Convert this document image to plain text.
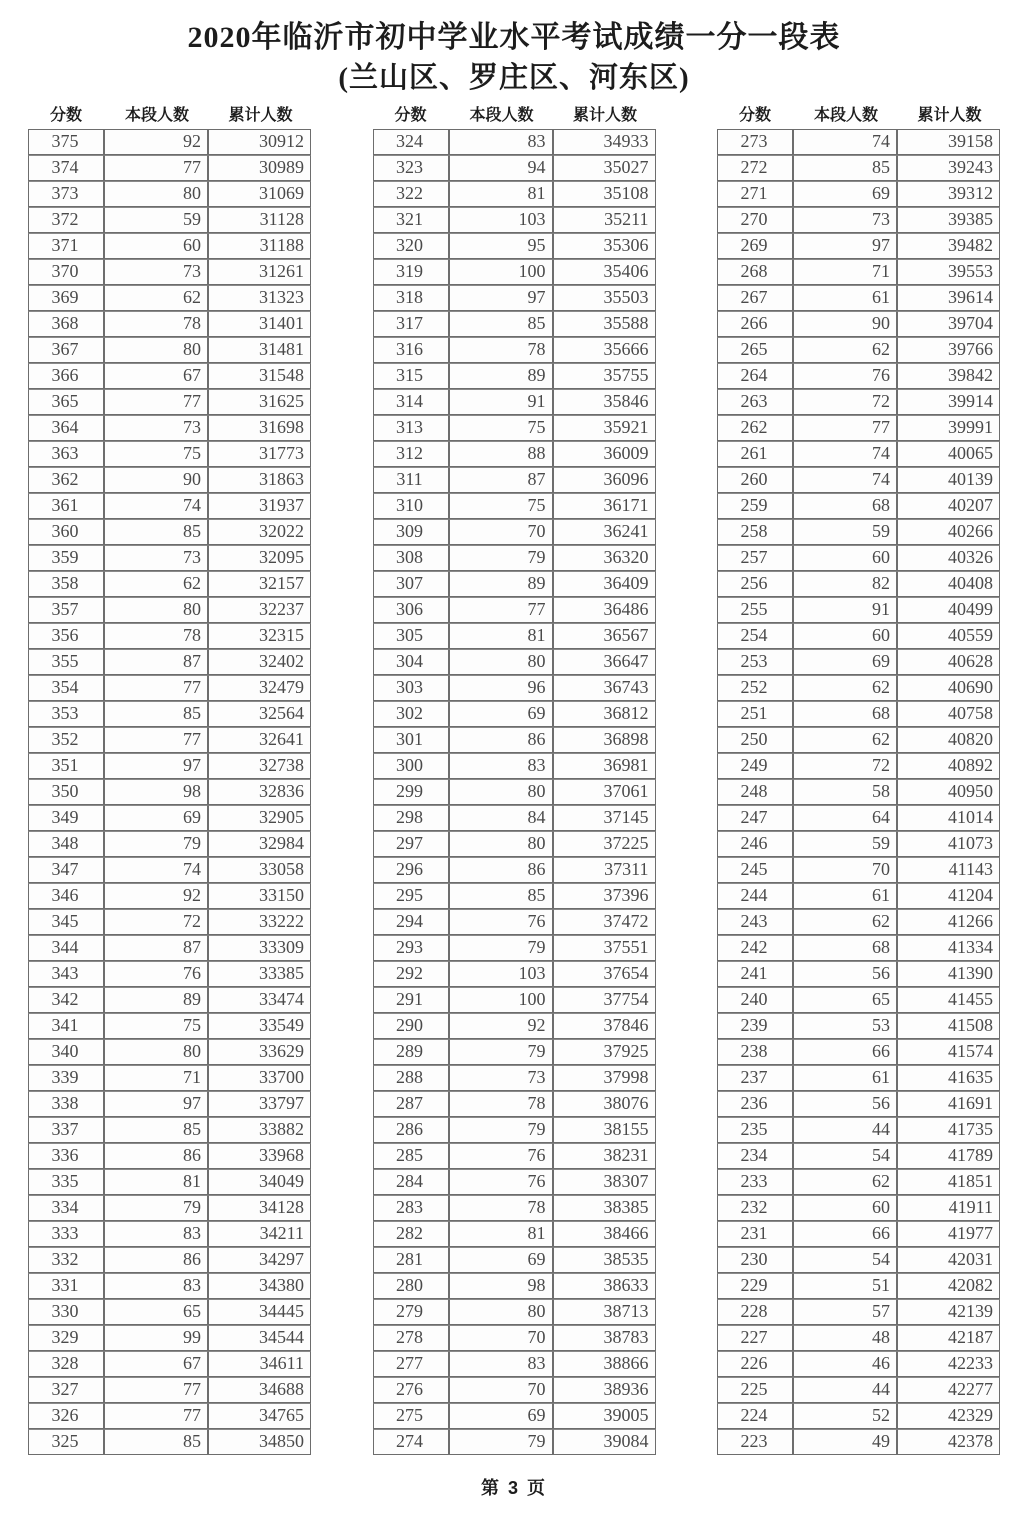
2020年临沂市初中学业水平考试成绩一分一段表
(兰山区、罗庄区、河东区)
分数	本段人数	累计人数
375	92	30912
374	77	30989
373	80	31069
372	59	31128
371	60	31188
370	73	31261
369	62	31323
368	78	31401
367	80	31481
366	67	31548
365	77	31625
364	73	31698
363	75	31773
362	90	31863
361	74	31937
360	85	32022
359	73	32095
358	62	32157
357	80	32237
356	78	32315
355	87	32402
354	77	32479
353	85	32564
352	77	32641
351	97	32738
350	98	32836
349	69	32905
348	79	32984
347	74	33058
346	92	33150
345	72	33222
344	87	33309
343	76	33385
342	89	33474
341	75	33549
340	80	33629
339	71	33700
338	97	33797
337	85	33882
336	86	33968
335	81	34049
334	79	34128
333	83	34211
332	86	34297
331	83	34380
330	65	34445
329	99	34544
328	67	34611
327	77	34688
326	77	34765
325	85	34850
分数	本段人数	累计人数
324	83	34933
323	94	35027
322	81	35108
321	103	35211
320	95	35306
319	100	35406
318	97	35503
317	85	35588
316	78	35666
315	89	35755
314	91	35846
313	75	35921
312	88	36009
311	87	36096
310	75	36171
309	70	36241
308	79	36320
307	89	36409
306	77	36486
305	81	36567
304	80	36647
303	96	36743
302	69	36812
301	86	36898
300	83	36981
299	80	37061
298	84	37145
297	80	37225
296	86	37311
295	85	37396
294	76	37472
293	79	37551
292	103	37654
291	100	37754
290	92	37846
289	79	37925
288	73	37998
287	78	38076
286	79	38155
285	76	38231
284	76	38307
283	78	38385
282	81	38466
281	69	38535
280	98	38633
279	80	38713
278	70	38783
277	83	38866
276	70	38936
275	69	39005
274	79	39084
分数	本段人数	累计人数
273	74	39158
272	85	39243
271	69	39312
270	73	39385
269	97	39482
268	71	39553
267	61	39614
266	90	39704
265	62	39766
264	76	39842
263	72	39914
262	77	39991
261	74	40065
260	74	40139
259	68	40207
258	59	40266
257	60	40326
256	82	40408
255	91	40499
254	60	40559
253	69	40628
252	62	40690
251	68	40758
250	62	40820
249	72	40892
248	58	40950
247	64	41014
246	59	41073
245	70	41143
244	61	41204
243	62	41266
242	68	41334
241	56	41390
240	65	41455
239	53	41508
238	66	41574
237	61	41635
236	56	41691
235	44	41735
234	54	41789
233	62	41851
232	60	41911
231	66	41977
230	54	42031
229	51	42082
228	57	42139
227	48	42187
226	46	42233
225	44	42277
224	52	42329
223	49	42378
第 3 页
